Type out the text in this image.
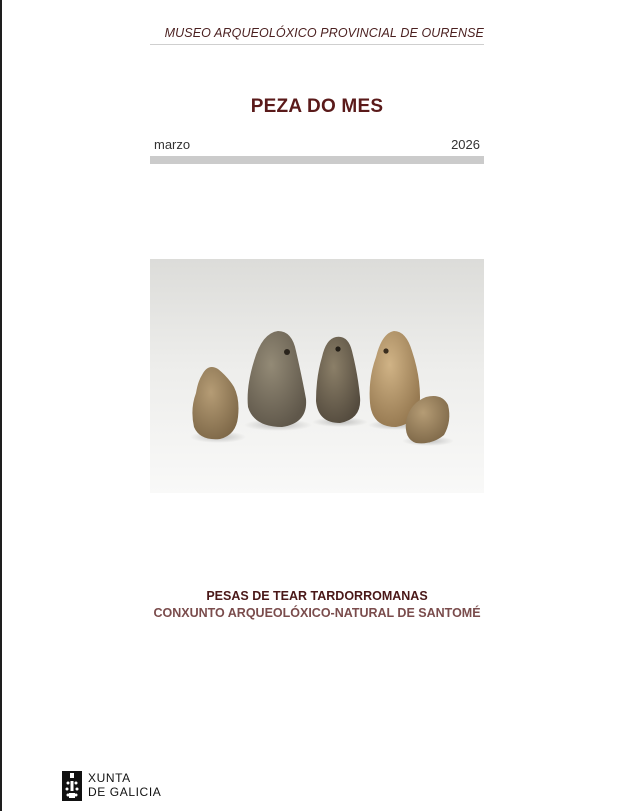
MUSEO ARQUEOLÓXICO PROVINCIAL DE OURENSE
PEZA DO MES
marzo	2026
PESAS DE TEAR TARDORROMANAS
CONXUNTO ARQUEOLÓXICO-NATURAL DE SANTOMÉ
XUNTA
DE GALICIA
